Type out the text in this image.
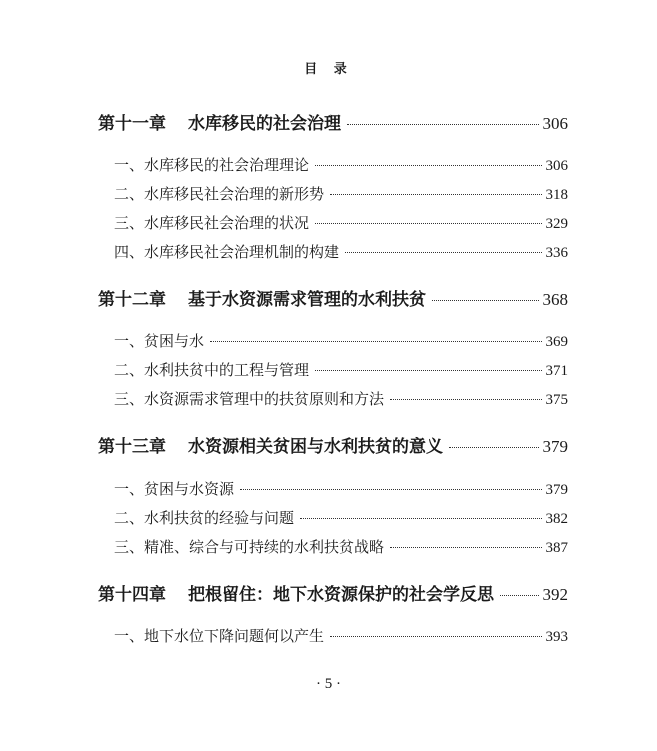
目 录
第十一章 水库移民的社会治理	306
一、水库移民的社会治理理论	306
二、水库移民社会治理的新形势	318
三、水库移民社会治理的状况	329
四、水库移民社会治理机制的构建	336
第十二章 基于水资源需求管理的水利扶贫	368
一、贫困与水	369
二、水利扶贫中的工程与管理	371
三、水资源需求管理中的扶贫原则和方法	375
第十三章 水资源相关贫困与水利扶贫的意义	379
一、贫困与水资源	379
二、水利扶贫的经验与问题	382
三、精准、综合与可持续的水利扶贫战略	387
第十四章 把根留住：地下水资源保护的社会学反思	392
一、地下水位下降问题何以产生	393
· 5 ·
